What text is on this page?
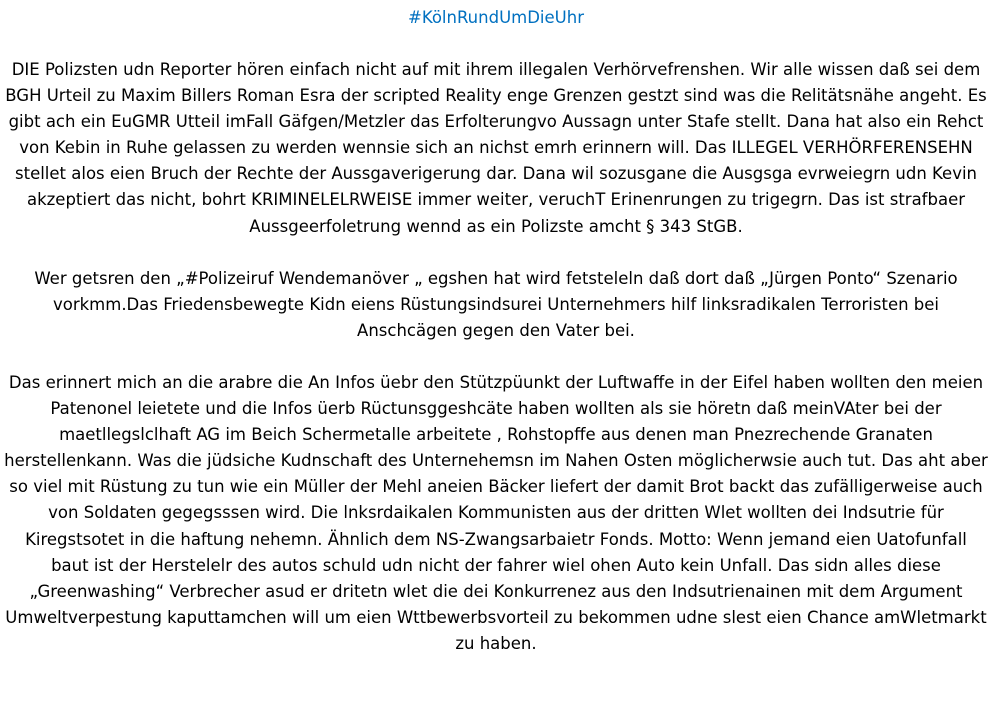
#KölnRundUmDieUhr

DIE Polizsten udn Reporter hören einfach nicht auf mit ihrem illegalen Verhörvefrenshen. Wir alle wissen daß sei dem BGH Urteil zu Maxim Billers Roman Esra der scripted Reality enge Grenzen gestzt sind was die Relitätsnähe angeht. Es gibt ach ein EuGMR Utteil imFall Gäfgen/Metzler das Erfolterungvo Aussagn unter Stafe stellt. Dana hat also ein Rehct von Kebin in Ruhe gelassen zu werden wennsie sich an nichst emrh erinnern will. Das ILLEGEL VERHÖRFERENSEHN stellet alos eien Bruch der Rechte der Aussgaverigerung dar. Dana wil sozusgane die Ausgsga evrweiegrn udn Kevin akzeptiert das nicht, bohrt KRIMINELELRWEISE immer weiter, veruchT Erinenrungen zu trigegrn. Das ist strafbaer Aussgeerfoletrung wennd as ein Polizste amcht § 343 StGB.

Wer getsren den „#Polizeiruf Wendemanöver „ egshen hat wird fetsteleln daß dort daß „Jürgen Ponto“ Szenario vorkmm.Das Friedensbewegte Kidn eiens Rüstungsindsurei Unternehmers hilf linksradikalen Terroristen bei Anschcägen gegen den Vater bei.

Das erinnert mich an die arabre die An Infos üebr den Stützpüunkt der Luftwaffe in der Eifel haben wollten den meien Patenonel leietete und die Infos üerb Rüctunsggeshcäte haben wollten als sie höretn daß meinVAter bei der maetllegslclhaft AG im Beich Schermetalle arbeitete , Rohstopffe aus denen man Pnezrechende Granaten herstellenkann. Was die jüdsiche Kudnschaft des Unternehemsn im Nahen Osten möglicherwsie auch tut. Das aht aber so viel mit Rüstung zu tun wie ein Müller der Mehl aneien Bäcker liefert der damit Brot backt das zufälligerweise auch von Soldaten gegegsssen wird. Die lnksrdaikalen Kommunisten aus der dritten Wlet wollten dei Indsutrie für Kiregstsotet in die haftung nehemn. Ähnlich dem NS-Zwangsarbaietr Fonds. Motto: Wenn jemand eien Uatofunfall baut ist der Herstelelr des autos schuld udn nicht der fahrer wiel ohen Auto kein Unfall. Das sidn alles diese „Greenwashing“ Verbrecher asud er dritetn wlet die dei Konkurrenez aus den Indsutrienainen mit dem Argument Umweltverpestung kaputtamchen will um eien Wttbewerbsvorteil zu bekommen udne slest eien Chance amWletmarkt zu haben.
